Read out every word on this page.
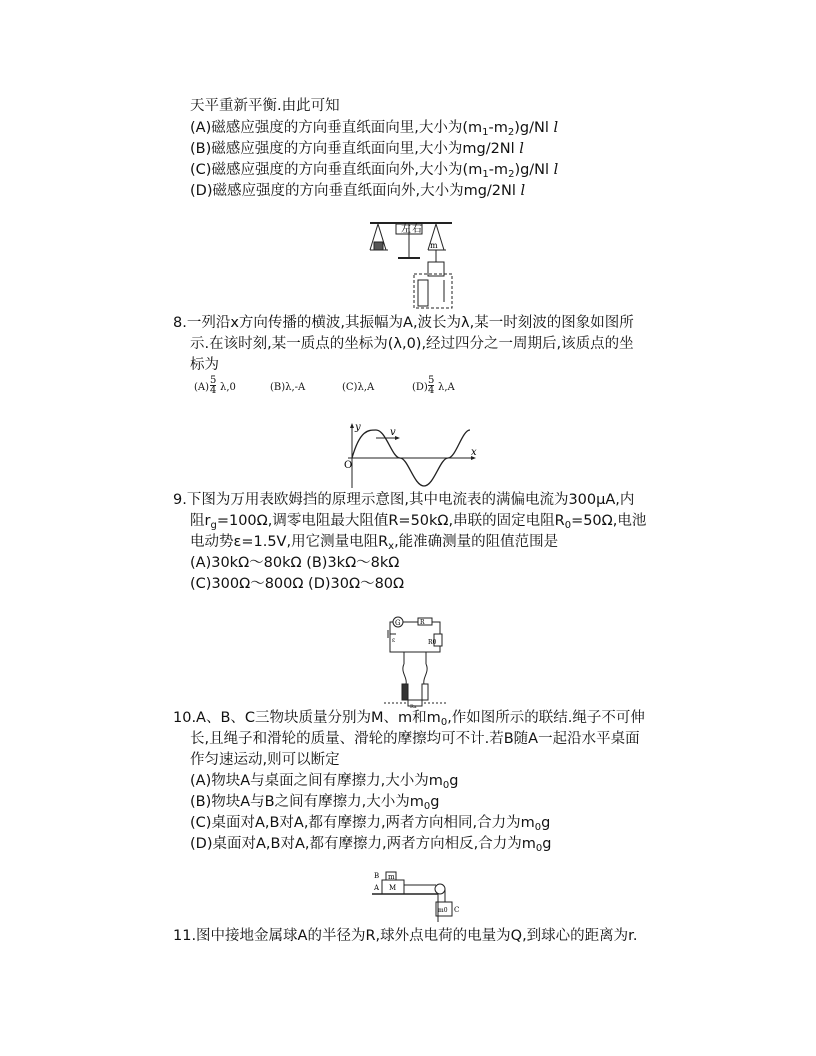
天平重新平衡.由此可知
(A)磁感应强度的方向垂直纸面向里,大小为$(m_1-m_2)g/Nl$ l
(B)磁感应强度的方向垂直纸面向里,大小为mg/2Nl l
(C)磁感应强度的方向垂直纸面向外,大小为$(m_1-m_2)g/Nl$ l
(D)磁感应强度的方向垂直纸面向外,大小为mg/2Nl l
左 右
m
8.一列沿x方向传播的横波,其振幅为A,波长为λ,某一时刻波的图象如图所
示.在该时刻,某一质点的坐标为(λ,0),经过四分之一周期后,该质点的坐
标为
(A)
5
4 λ,0	(B)λ,-A	(C)λ,A	(D)
5
4 λ,A
v
y
x
O
9.下图为万用表欧姆挡的原理示意图,其中电流表的满偏电流为300μA,内
阻$r_g=100\Omega$,调零电阻最大阻值R=50kΩ,串联的固定电阻$R_0=50\Omega$,电池
电动势ε=1.5V,用它测量电阻$R_x$,能准确测量的阻值范围是
(A)30kΩ～80kΩ (B)3kΩ～8kΩ
(C)300Ω～800Ω (D)30Ω～80Ω
G	R
R0
ε
Rx
10.A、B、C三物块质量分别为M、m和$m_0$,作如图所示的联结.绳子不可伸
长,且绳子和滑轮的质量、滑轮的摩擦均可不计.若B随A一起沿水平桌面
作匀速运动,则可以断定
(A)物块A与桌面之间有摩擦力,大小为$m_0g$
(B)物块A与B之间有摩擦力,大小为$m_0g$
(C)桌面对A,B对A,都有摩擦力,两者方向相同,合力为$m_0g$
(D)桌面对A,B对A,都有摩擦力,两者方向相反,合力为$m_0g$
B m
A M
m0 C
11.图中接地金属球A的半径为R,球外点电荷的电量为Q,到球心的距离为r.
